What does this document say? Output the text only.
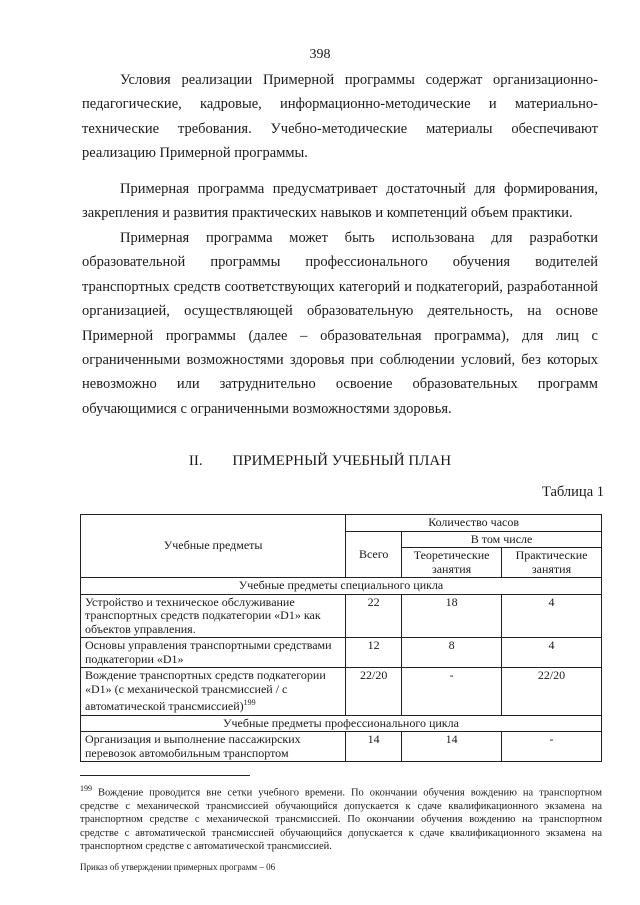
398

Условия реализации Примерной программы содержат организационно-педагогические, кадровые, информационно-методические и материально-технические требования. Учебно-методические материалы обеспечивают реализацию Примерной программы.

Примерная программа предусматривает достаточный для формирования, закрепления и развития практических навыков и компетенций объем практики.

Примерная программа может быть использована для разработки образовательной программы профессионального обучения водителей транспортных средств соответствующих категорий и подкатегорий, разработанной организацией, осуществляющей образовательную деятельность, на основе Примерной программы (далее – образовательная программа), для лиц с ограниченными возможностями здоровья при соблюдении условий, без которых невозможно или затруднительно освоение образовательных программ обучающимися с ограниченными возможностями здоровья.

II. ПРИМЕРНЫЙ УЧЕБНЫЙ ПЛАН
Таблица 1
Учебные предметы	Количество часов		
	Всего	В том числе	
		Теоретические занятия	Практические занятия
Учебные предметы специального цикла			
Устройство и техническое обслуживание транспортных средств подкатегории «D1» как объектов управления.	22	18	4
Основы управления транспортными средствами подкатегории «D1»	12	8	4
Вождение транспортных средств подкатегории «D1» (с механической трансмиссией / с автоматической трансмиссией)$^{199}$	22/20	-	22/20
Учебные предметы профессионального цикла			
Организация и выполнение пассажирских перевозок автомобильным транспортом	14	14	-

$^{199}$ Вождение проводится вне сетки учебного времени. По окончании обучения вождению на транспортном средстве с механической трансмиссией обучающийся допускается к сдаче квалификационного экзамена на транспортном средстве с механической трансмиссией. По окончании обучения вождению на транспортном средстве с автоматической трансмиссией обучающийся допускается к сдаче квалификационного экзамена на транспортном средстве с автоматической трансмиссией.

Приказ об утверждении примерных программ – 06
